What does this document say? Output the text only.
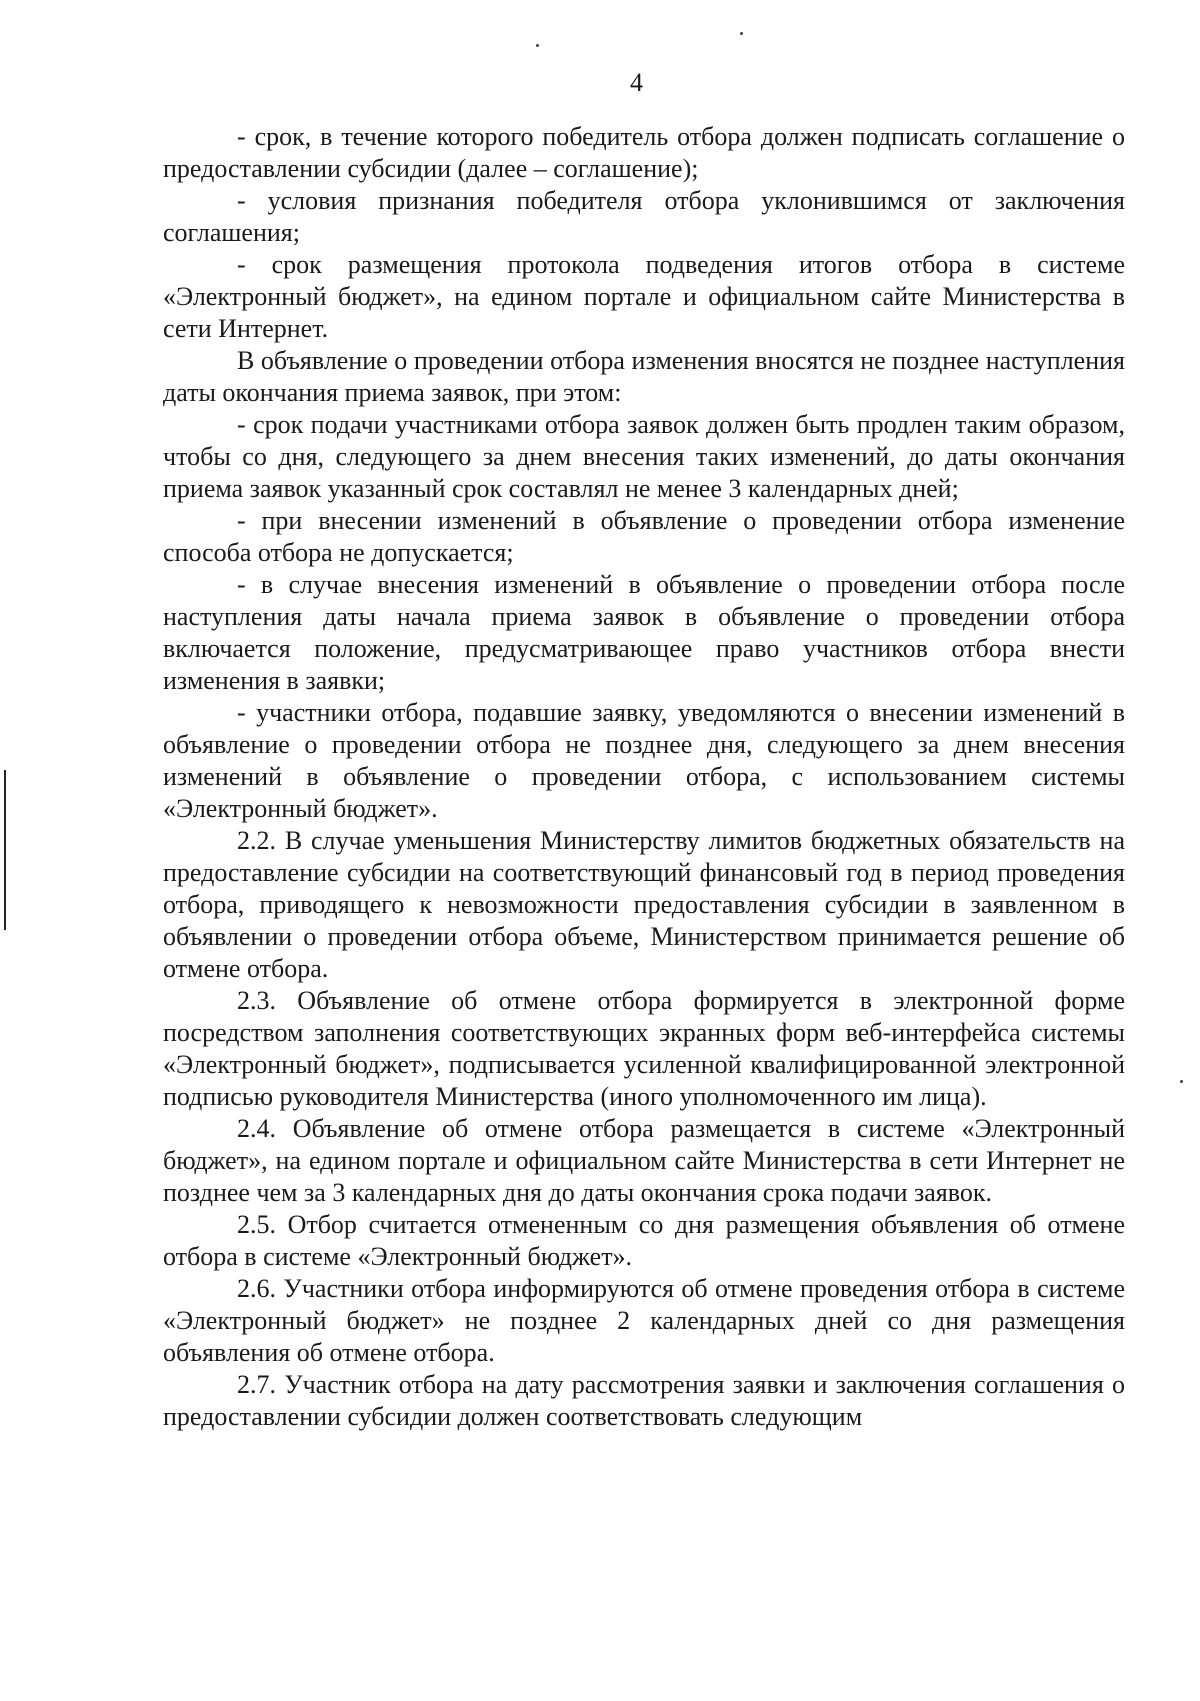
4

- срок, в течение которого победитель отбора должен подписать соглашение о предоставлении субсидии (далее – соглашение);

- условия признания победителя отбора уклонившимся от заключения соглашения;

- срок размещения протокола подведения итогов отбора в системе «Электронный бюджет», на едином портале и официальном сайте Министерства в сети Интернет.

В объявление о проведении отбора изменения вносятся не позднее наступления даты окончания приема заявок, при этом:

- срок подачи участниками отбора заявок должен быть продлен таким образом, чтобы со дня, следующего за днем внесения таких изменений, до даты окончания приема заявок указанный срок составлял не менее 3 календарных дней;

- при внесении изменений в объявление о проведении отбора изменение способа отбора не допускается;

- в случае внесения изменений в объявление о проведении отбора после наступления даты начала приема заявок в объявление о проведении отбора включается положение, предусматривающее право участников отбора внести изменения в заявки;

- участники отбора, подавшие заявку, уведомляются о внесении изменений в объявление о проведении отбора не позднее дня, следующего за днем внесения изменений в объявление о проведении отбора, с использованием системы «Электронный бюджет».

2.2. В случае уменьшения Министерству лимитов бюджетных обязательств на предоставление субсидии на соответствующий финансовый год в период проведения отбора, приводящего к невозможности предоставления субсидии в заявленном в объявлении о проведении отбора объеме, Министерством принимается решение об отмене отбора.

2.3. Объявление об отмене отбора формируется в электронной форме посредством заполнения соответствующих экранных форм веб-интерфейса системы «Электронный бюджет», подписывается усиленной квалифицированной электронной подписью руководителя Министерства (иного уполномоченного им лица).

2.4. Объявление об отмене отбора размещается в системе «Электронный бюджет», на едином портале и официальном сайте Министерства в сети Интернет не позднее чем за 3 календарных дня до даты окончания срока подачи заявок.

2.5. Отбор считается отмененным со дня размещения объявления об отмене отбора в системе «Электронный бюджет».

2.6. Участники отбора информируются об отмене проведения отбора в системе «Электронный бюджет» не позднее 2 календарных дней со дня размещения объявления об отмене отбора.

2.7. Участник отбора на дату рассмотрения заявки и заключения соглашения о предоставлении субсидии должен соответствовать следующим
